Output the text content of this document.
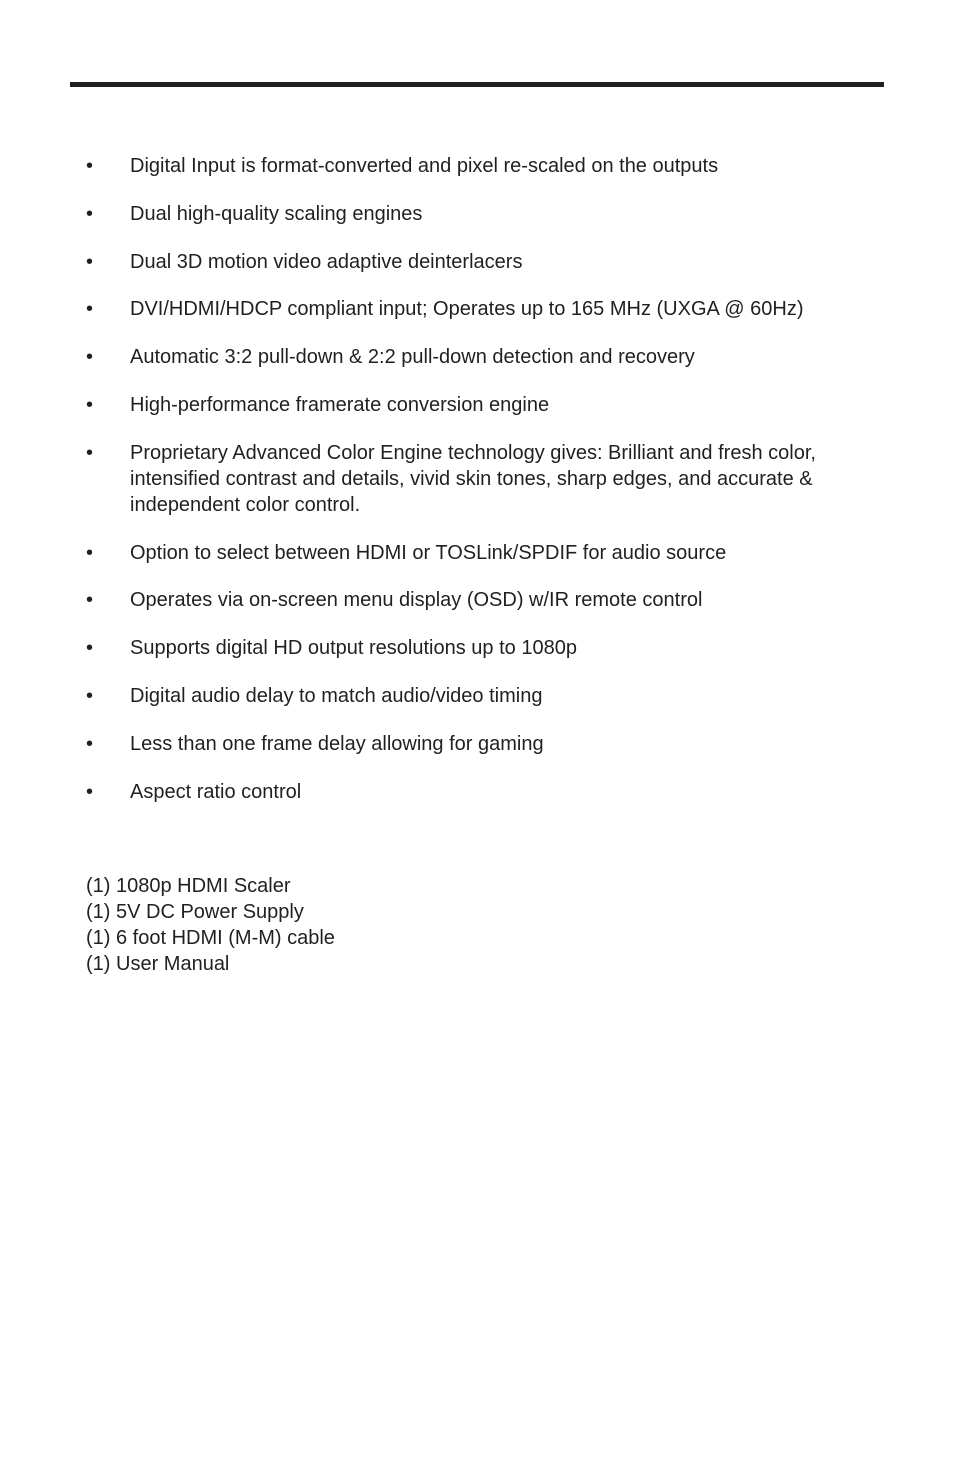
•	Digital Input is format-converted and pixel re-scaled on the outputs
•	Dual high-quality scaling engines
•	Dual 3D motion video adaptive deinterlacers
•	DVI/HDMI/HDCP compliant input; Operates up to 165 MHz (UXGA @ 60Hz)
•	Automatic 3:2 pull-down & 2:2 pull-down detection and recovery
•	High-performance framerate conversion engine
•	Proprietary Advanced Color Engine technology gives: Brilliant and fresh color, intensified contrast and details, vivid skin tones, sharp edges, and accurate & independent color control.
•	Option to select between HDMI or TOSLink/SPDIF for audio source
•	Operates via on-screen menu display (OSD) w/IR remote control
•	Supports digital HD output resolutions up to 1080p
•	Digital audio delay to match audio/video timing
•	Less than one frame delay allowing for gaming
•	Aspect ratio control
(1) 1080p HDMI Scaler
(1) 5V DC Power Supply
(1) 6 foot HDMI (M-M) cable
(1) User Manual
